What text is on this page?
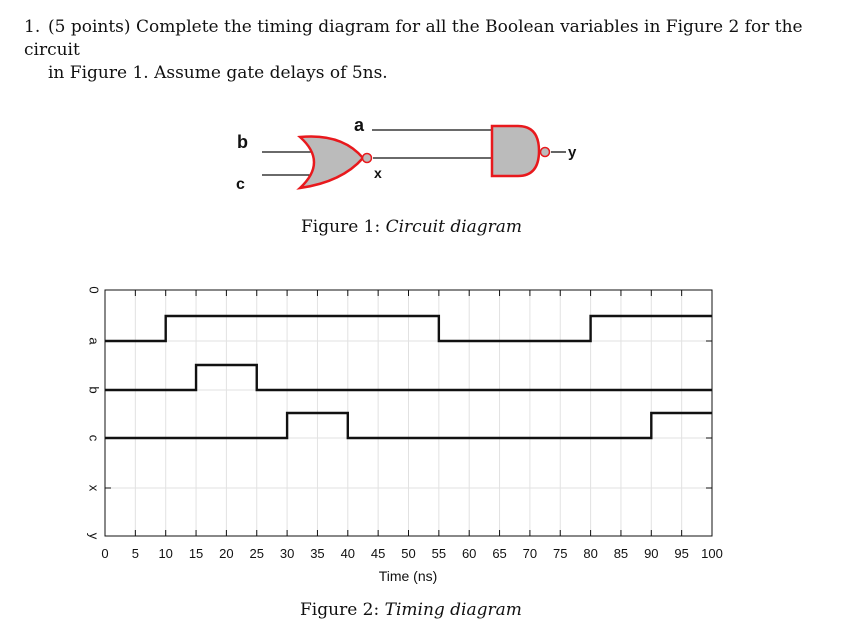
1. (5 points) Complete the timing diagram for all the Boolean variables in Figure 2 for the circuit
in Figure 1. Assume gate delays of 5ns.
a
b
c
x
y
Figure 1: Circuit diagram
0
a
b
c
x
y
0 5 10 15 20 25 30 35 40 45 50 55 60 65 70 75 80 85 90 95 100
Time (ns)
Figure 2: Timing diagram
